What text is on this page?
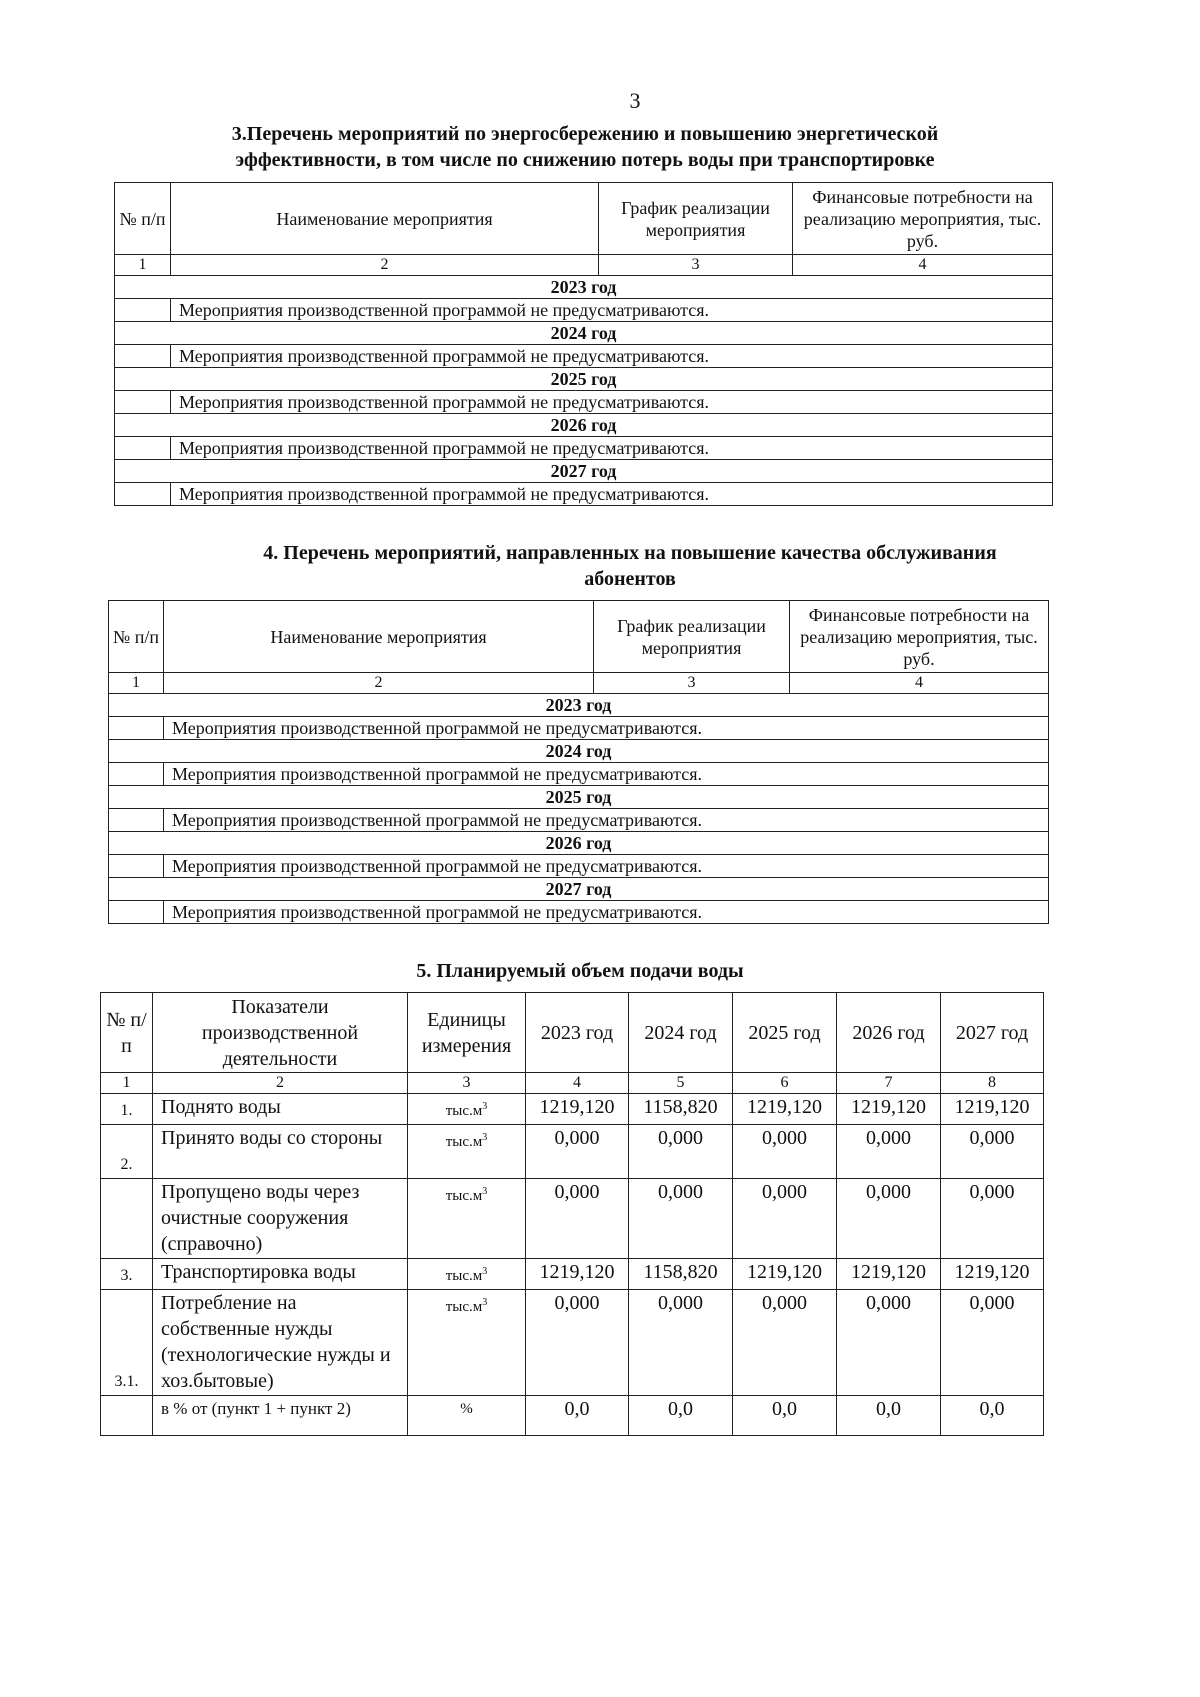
3
3.Перечень мероприятий по энергосбережению и повышению энергетической
эффективности, в том числе по снижению потерь воды при транспортировке
№ п/п	Наименование мероприятия	График реализации мероприятия	Финансовые потребности на реализацию мероприятия, тыс. руб.
1	2	3	4
2023 год			
	Мероприятия производственной программой не предусматриваются.		
2024 год			
	Мероприятия производственной программой не предусматриваются.		
2025 год			
	Мероприятия производственной программой не предусматриваются.		
2026 год			
	Мероприятия производственной программой не предусматриваются.		
2027 год			
	Мероприятия производственной программой не предусматриваются.		
4. Перечень мероприятий, направленных на повышение качества обслуживания
абонентов
№ п/п	Наименование мероприятия	График реализации мероприятия	Финансовые потребности на реализацию мероприятия, тыс. руб.
1	2	3	4
2023 год			
	Мероприятия производственной программой не предусматриваются.		
2024 год			
	Мероприятия производственной программой не предусматриваются.		
2025 год			
	Мероприятия производственной программой не предусматриваются.		
2026 год			
	Мероприятия производственной программой не предусматриваются.		
2027 год			
	Мероприятия производственной программой не предусматриваются.		
5. Планируемый объем подачи воды
№ п/п	Показатели производственной деятельности	Единицы измерения	2023 год	2024 год	2025 год	2026 год	2027 год
1	2	3	4	5	6	7	8
1.	Поднято воды	$тыс.м^3$	1219,120	1158,820	1219,120	1219,120	1219,120
2.	Принято воды со стороны	$тыс.м^3$	0,000	0,000	0,000	0,000	0,000
	Пропущено воды через очистные сооружения (справочно)	$тыс.м^3$	0,000	0,000	0,000	0,000	0,000
3.	Транспортировка воды	$тыс.м^3$	1219,120	1158,820	1219,120	1219,120	1219,120
3.1.	Потребление на собственные нужды (технологические нужды и хоз.бытовые)	$тыс.м^3$	0,000	0,000	0,000	0,000	0,000
	в % от (пункт 1 + пункт 2)	%	0,0	0,0	0,0	0,0	0,0
